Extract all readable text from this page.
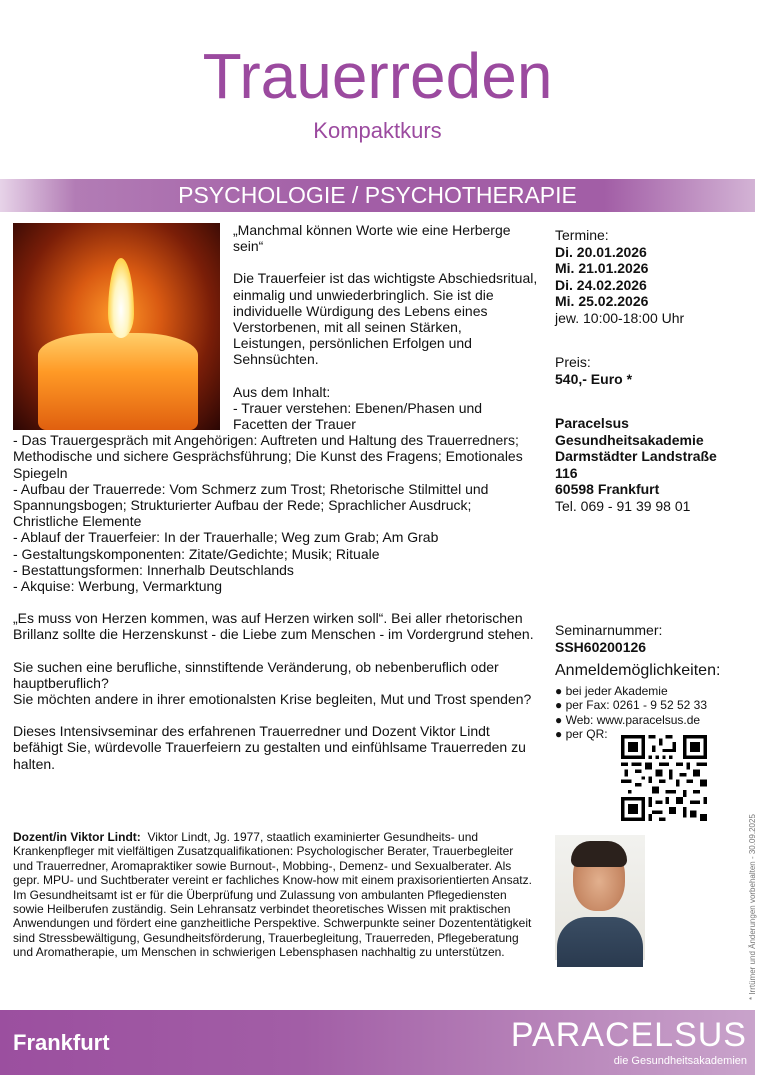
Trauerreden
Kompaktkurs
PSYCHOLOGIE / PSYCHOTHERAPIE

„Manchmal können Worte wie eine Herberge sein“

Die Trauerfeier ist das wichtigste Abschiedsritual, einmalig und unwiederbringlich. Sie ist die individuelle Würdigung des Lebens eines Verstorbenen, mit all seinen Stärken, Leistungen, persönlichen Erfolgen und Sehnsüchten.

Aus dem Inhalt:

- Trauer verstehen: Ebenen/Phasen und Facetten der Trauer

- Das Trauergespräch mit Angehörigen: Auftreten und Haltung des Trauerredners; Methodische und sichere Gesprächsführung; Die Kunst des Fragens; Emotionales Spiegeln

- Aufbau der Trauerrede: Vom Schmerz zum Trost; Rhetorische Stilmittel und Spannungsbogen; Strukturierter Aufbau der Rede; Sprachlicher Ausdruck; Christliche Elemente

- Ablauf der Trauerfeier: In der Trauerhalle; Weg zum Grab; Am Grab

- Gestaltungskomponenten: Zitate/Gedichte; Musik; Rituale

- Bestattungsformen: Innerhalb Deutschlands

- Akquise: Werbung, Vermarktung

„Es muss von Herzen kommen, was auf Herzen wirken soll“. Bei aller rhetorischen Brillanz sollte die Herzenskunst - die Liebe zum Menschen - im Vordergrund stehen.

Sie suchen eine berufliche, sinnstiftende Veränderung, ob nebenberuflich oder hauptberuflich?

Sie möchten andere in ihrer emotionalsten Krise begleiten, Mut und Trost spenden?

Dieses Intensivseminar des erfahrenen Trauerredner und Dozent Viktor Lindt befähigt Sie, würdevolle Trauerfeiern zu gestalten und einfühlsame Trauerreden zu halten.

Termine:
Di. 20.01.2026
Mi. 21.01.2026
Di. 24.02.2026
Mi. 25.02.2026
jew. 10:00-18:00 Uhr
Preis:
540,- Euro *
Paracelsus
Gesundheitsakademie
Darmstädter Landstraße
116
60598 Frankfurt
Tel. 069 - 91 39 98 01
Seminarnummer:
SSH60200126
Anmeldemöglichkeiten:
● bei jeder Akademie
● per Fax: 0261 - 9 52 52 33
● Web: www.paracelsus.de
● per QR:
Dozent/in Viktor Lindt: Viktor Lindt, Jg. 1977, staatlich examinierter Gesundheits- und Krankenpfleger mit vielfältigen Zusatzqualifikationen: Psychologischer Berater, Trauerbegleiter und Trauerredner, Aromapraktiker sowie Burnout-, Mobbing-, Demenz- und Sexualberater. Als gepr. MPU- und Suchtberater vereint er fachliches Know-how mit einem praxisorientierten Ansatz. Im Gesundheitsamt ist er für die Überprüfung und Zulassung von ambulanten Pflegediensten sowie Heilberufen zuständig. Sein Lehransatz verbindet theoretisches Wissen mit praktischen Anwendungen und fördert eine ganzheitliche Perspektive. Schwerpunkte seiner Dozententätigkeit sind Stressbewältigung, Gesundheitsförderung, Trauerbegleitung, Trauerreden, Pflegeberatung und Aromatherapie, um Menschen in schwierigen Lebensphasen nachhaltig zu unterstützen.	* Irrtümer und Änderungen vorbehalten - 30.09.2025
Frankfurt	PARACELSUS
die Gesundheitsakademien
